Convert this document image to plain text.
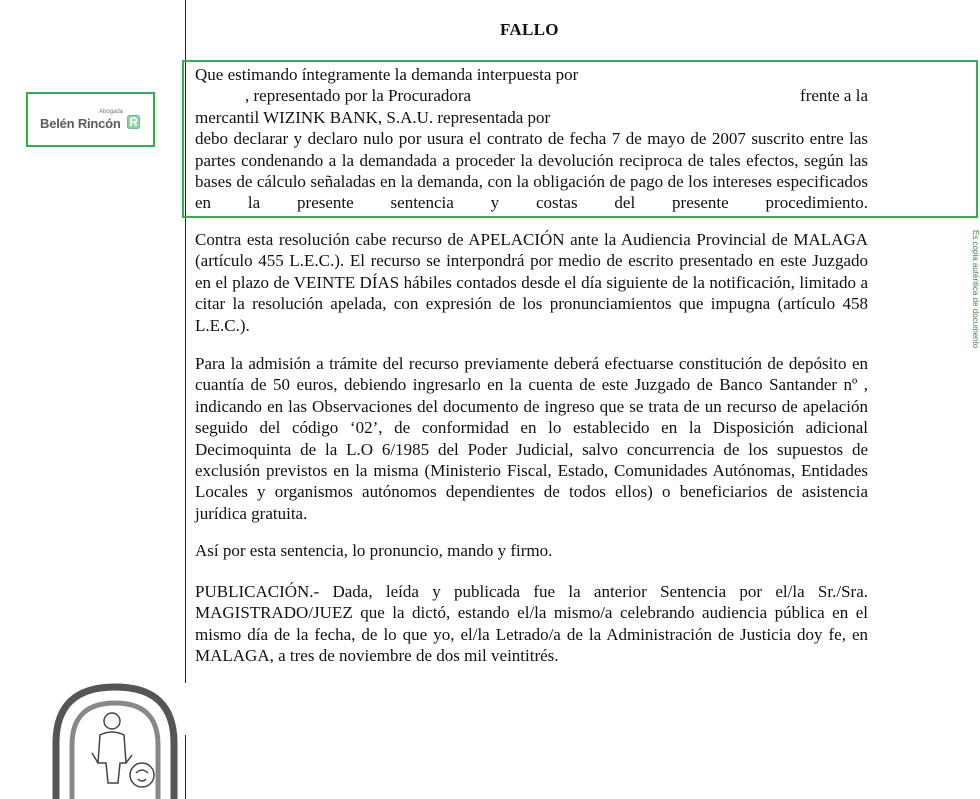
FALLO
Abogada
Belén Rincón
Que estimando íntegramente la demanda interpuesta por
, representado por la Procuradora	frente a la
mercantil WIZINK BANK, S.A.U. representada por
debo declarar y declaro nulo por usura el contrato de fecha 7 de mayo de 2007 suscrito entre las partes condenando a la demandada a proceder la devolución reciproca de tales efectos, según las bases de cálculo señaladas en la demanda, con la obligación de pago de los intereses especificados en la presente sentencia y costas del presente procedimiento.
Contra esta resolución cabe recurso de APELACIÓN ante la Audiencia Provincial de MALAGA (artículo 455 L.E.C.). El recurso se interpondrá por medio de escrito presentado en este Juzgado en el plazo de VEINTE DÍAS hábiles contados desde el día siguiente de la notificación, limitado a citar la resolución apelada, con expresión de los pronunciamientos que impugna (artículo 458 L.E.C.).
Para la admisión a trámite del recurso previamente deberá efectuarse constitución de depósito en cuantía de 50 euros, debiendo ingresarlo en la cuenta de este Juzgado de Banco Santander nº , indicando en las Observaciones del documento de ingreso que se trata de un recurso de apelación seguido del código ‘02’, de conformidad en lo establecido en la Disposición adicional Decimoquinta de la L.O 6/1985 del Poder Judicial, salvo concurrencia de los supuestos de exclusión previstos en la misma (Ministerio Fiscal, Estado, Comunidades Autónomas, Entidades Locales y organismos autónomos dependientes de todos ellos) o beneficiarios de asistencia jurídica gratuita.
Así por esta sentencia, lo pronuncio, mando y firmo.
PUBLICACIÓN.- Dada, leída y publicada fue la anterior Sentencia por el/la Sr./Sra. MAGISTRADO/JUEZ que la dictó, estando el/la mismo/a celebrando audiencia pública en el mismo día de la fecha, de lo que yo, el/la Letrado/a de la Administración de Justicia doy fe, en MALAGA, a tres de noviembre de dos mil veintitrés.
Es copia auténtica de documento
